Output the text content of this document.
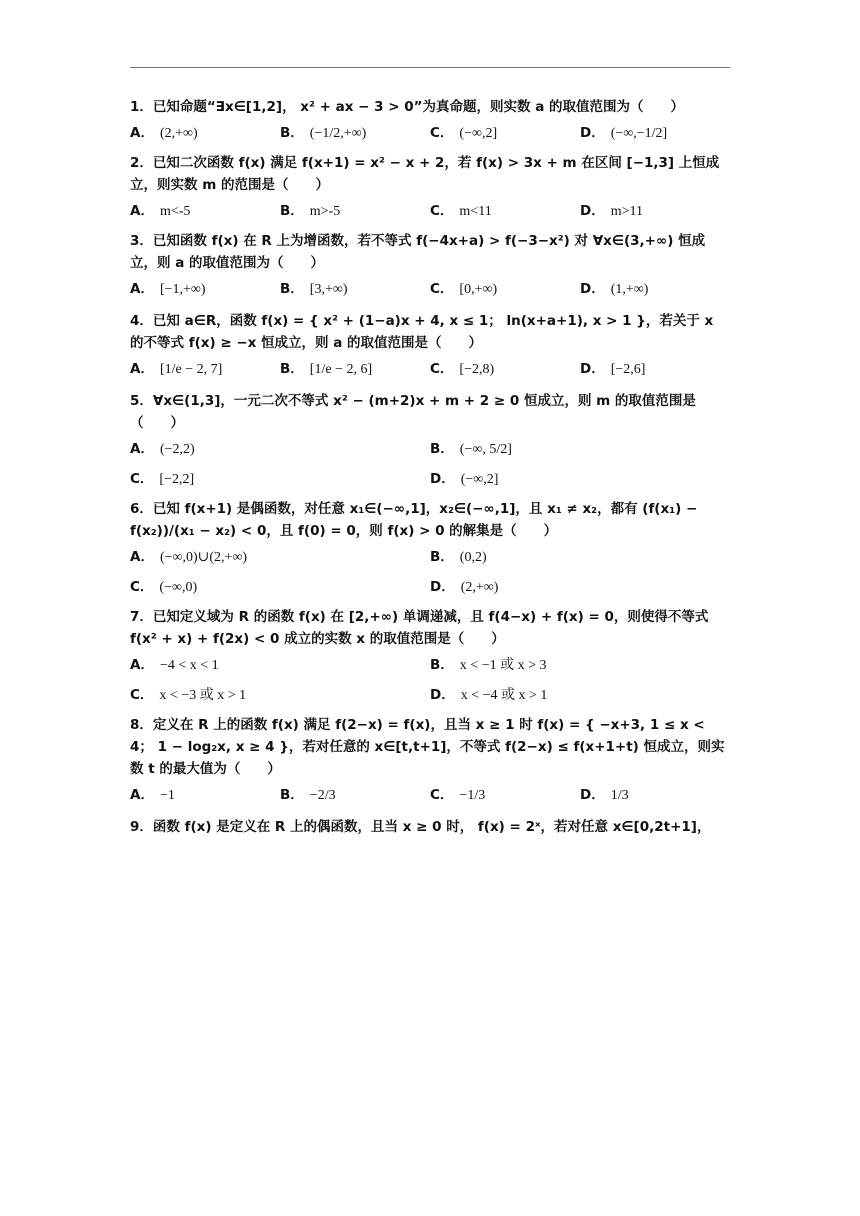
1．已知命题“∃x∈[1,2]， x² + ax − 3 > 0”为真命题，则实数 a 的取值范围为（　　）
A． (2,+∞)	B． (−1/2,+∞)	C． (−∞,2]	D． (−∞,−1/2]
2．已知二次函数 f(x) 满足 f(x+1) = x² − x + 2，若 f(x) > 3x + m 在区间 [−1,3] 上恒成立，则实数 m 的范围是（　　）
A． m<-5	B． m>-5	C． m<11	D． m>11
3．已知函数 f(x) 在 R 上为增函数，若不等式 f(−4x+a) > f(−3−x²) 对 ∀x∈(3,+∞) 恒成立，则 a 的取值范围为（　　）
A． [−1,+∞)	B． [3,+∞)	C． [0,+∞)	D． (1,+∞)
4．已知 a∈R，函数 f(x) = { x² + (1−a)x + 4, x ≤ 1； ln(x+a+1), x > 1 }，若关于 x 的不等式 f(x) ≥ −x 恒成立，则 a 的取值范围是（　　）
A． [1/e − 2, 7]	B． [1/e − 2, 6]	C． [−2,8)	D． [−2,6]
5．∀x∈(1,3]，一元二次不等式 x² − (m+2)x + m + 2 ≥ 0 恒成立，则 m 的取值范围是（　　）
A． (−2,2)	B． (−∞, 5/2]
C． [−2,2]	D． (−∞,2]
6．已知 f(x+1) 是偶函数，对任意 x₁∈(−∞,1]，x₂∈(−∞,1]，且 x₁ ≠ x₂，都有 (f(x₁) − f(x₂))/(x₁ − x₂) < 0，且 f(0) = 0，则 f(x) > 0 的解集是（　　）
A． (−∞,0)∪(2,+∞)	B． (0,2)
C． (−∞,0)	D． (2,+∞)
7．已知定义域为 R 的函数 f(x) 在 [2,+∞) 单调递减，且 f(4−x) + f(x) = 0，则使得不等式 f(x² + x) + f(2x) < 0 成立的实数 x 的取值范围是（　　）
A． −4 < x < 1	B． x < −1 或 x > 3
C． x < −3 或 x > 1	D． x < −4 或 x > 1
8．定义在 R 上的函数 f(x) 满足 f(2−x) = f(x)，且当 x ≥ 1 时 f(x) = { −x+3, 1 ≤ x < 4； 1 − log₂x, x ≥ 4 }，若对任意的 x∈[t,t+1]，不等式 f(2−x) ≤ f(x+1+t) 恒成立，则实数 t 的最大值为（　　）
A． −1	B． −2/3	C． −1/3	D． 1/3
9．函数 f(x) 是定义在 R 上的偶函数，且当 x ≥ 0 时， f(x) = 2ˣ，若对任意 x∈[0,2t+1]，
